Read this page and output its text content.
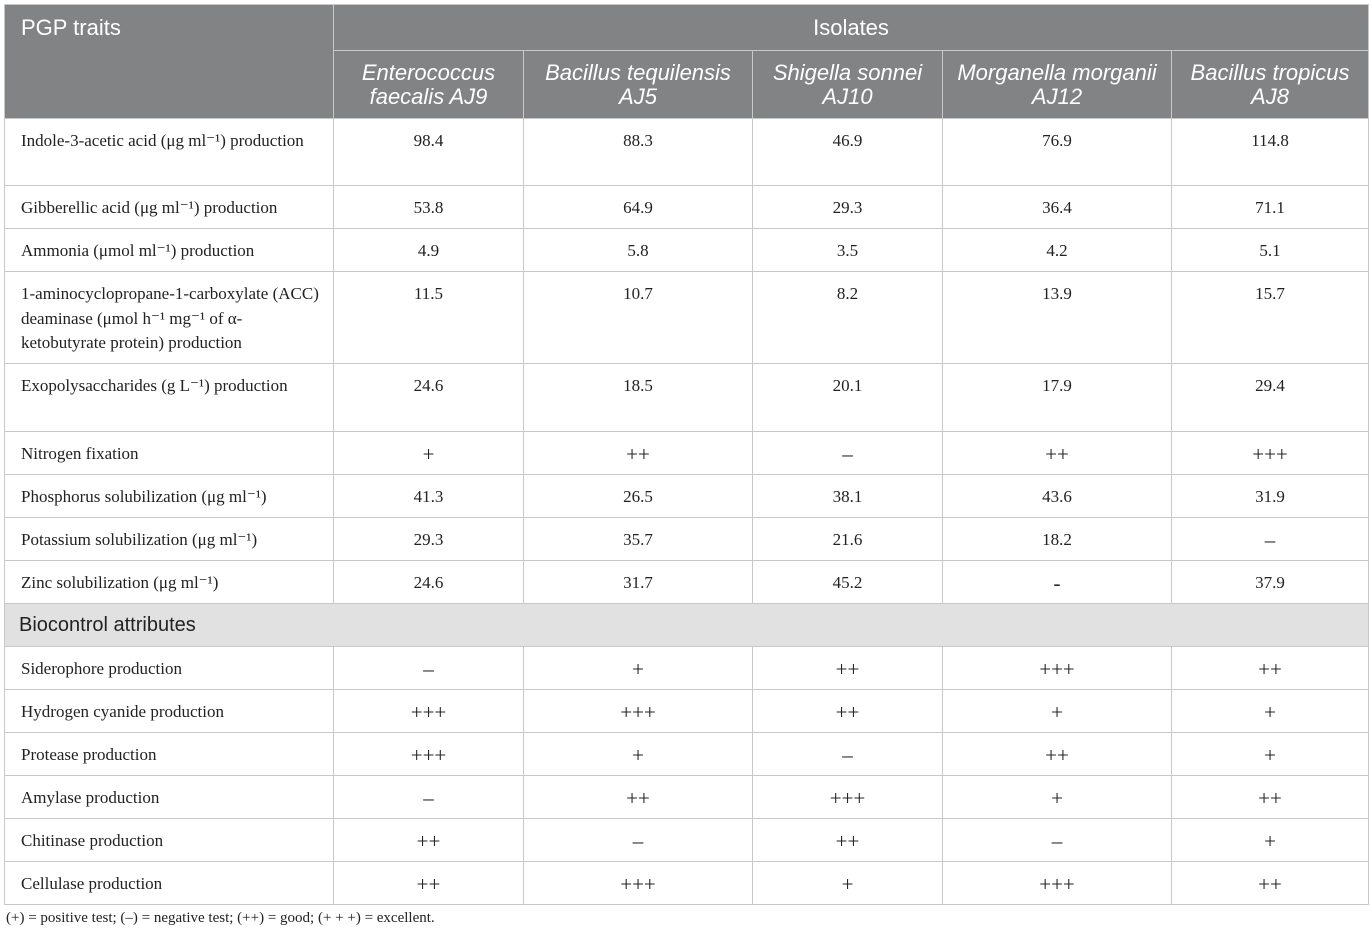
PGP traits	Isolates				
	Enterococcus faecalis AJ9	Bacillus tequilensis AJ5	Shigella sonnei AJ10	Morganella morganii AJ12	Bacillus tropicus AJ8
Indole-3-acetic acid (μg ml⁻¹) production	98.4	88.3	46.9	76.9	114.8
Gibberellic acid (μg ml⁻¹) production	53.8	64.9	29.3	36.4	71.1
Ammonia (μmol ml⁻¹) production	4.9	5.8	3.5	4.2	5.1
1-aminocyclopropane-1-carboxylate (ACC) deaminase (μmol h⁻¹ mg⁻¹ of α-ketobutyrate protein) production	11.5	10.7	8.2	13.9	15.7
Exopolysaccharides (g L⁻¹) production	24.6	18.5	20.1	17.9	29.4
Nitrogen fixation	+	++	–	++	+++
Phosphorus solubilization (μg ml⁻¹)	41.3	26.5	38.1	43.6	31.9
Potassium solubilization (μg ml⁻¹)	29.3	35.7	21.6	18.2	–
Zinc solubilization (μg ml⁻¹)	24.6	31.7	45.2	-	37.9
Biocontrol attributes					
Siderophore production	–	+	++	+++	++
Hydrogen cyanide production	+++	+++	++	+	+
Protease production	+++	+	–	++	+
Amylase production	–	++	+++	+	++
Chitinase production	++	–	++	–	+
Cellulase production	++	+++	+	+++	++
(+) = positive test; (–) = negative test; (++) = good; (+ + +) = excellent.
